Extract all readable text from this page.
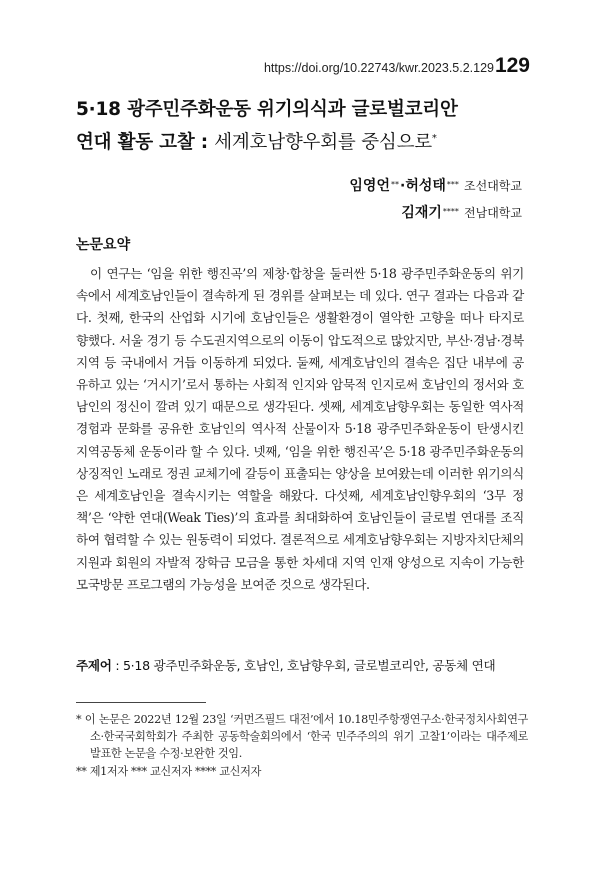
https://doi.org/10.22743/kwr.2023.5.2.129 129
5·18 광주민주화운동 위기의식과 글로벌코리안
연대 활동 고찰 : 세계호남향우회를 중심으로*
임영언**·허성태*** 조선대학교
김재기**** 전남대학교
논문요약

이 연구는 ‘임을 위한 행진곡’의 제창·합창을 둘러싼 5·18 광주민주화운동의 위기 속에서 세계호남인들이 결속하게 된 경위를 살펴보는 데 있다. 연구 결과는 다음과 같다. 첫째, 한국의 산업화 시기에 호남인들은 생활환경이 열악한 고향을 떠나 타지로 향했다. 서울 경기 등 수도권지역으로의 이동이 압도적으로 많았지만, 부산·경남·경북지역 등 국내에서 거듭 이동하게 되었다. 둘째, 세계호남인의 결속은 집단 내부에 공유하고 있는 ‘거시기’로서 통하는 사회적 인지와 암묵적 인지로써 호남인의 정서와 호남인의 정신이 깔려 있기 때문으로 생각된다. 셋째, 세계호남향우회는 동일한 역사적 경험과 문화를 공유한 호남인의 역사적 산물이자 5·18 광주민주화운동이 탄생시킨 지역공동체 운동이라 할 수 있다. 넷째, ‘임을 위한 행진곡’은 5·18 광주민주화운동의 상징적인 노래로 정권 교체기에 갈등이 표출되는 양상을 보여왔는데 이러한 위기의식은 세계호남인을 결속시키는 역할을 해왔다. 다섯째, 세계호남인향우회의 ‘3무 정책’은 ‘약한 연대(Weak Ties)’의 효과를 최대화하여 호남인들이 글로벌 연대를 조직하여 협력할 수 있는 원동력이 되었다. 결론적으로 세계호남향우회는 지방자치단체의 지원과 회원의 자발적 장학금 모금을 통한 차세대 지역 인재 양성으로 지속이 가능한 모국방문 프로그램의 가능성을 보여준 것으로 생각된다.

주제어 : 5·18 광주민주화운동, 호남인, 호남향우회, 글로벌코리안, 공동체 연대
* 이 논문은 2022년 12월 23일 ‘커먼즈필드 대전’에서 10.18민주항쟁연구소·한국정치사회연구소·한국국회학회가 주최한 공동학술회의에서 ‘한국 민주주의의 위기 고찰1’이라는 대주제로 발표한 논문을 수정·보완한 것임.
** 제1저자 *** 교신저자 **** 교신저자
